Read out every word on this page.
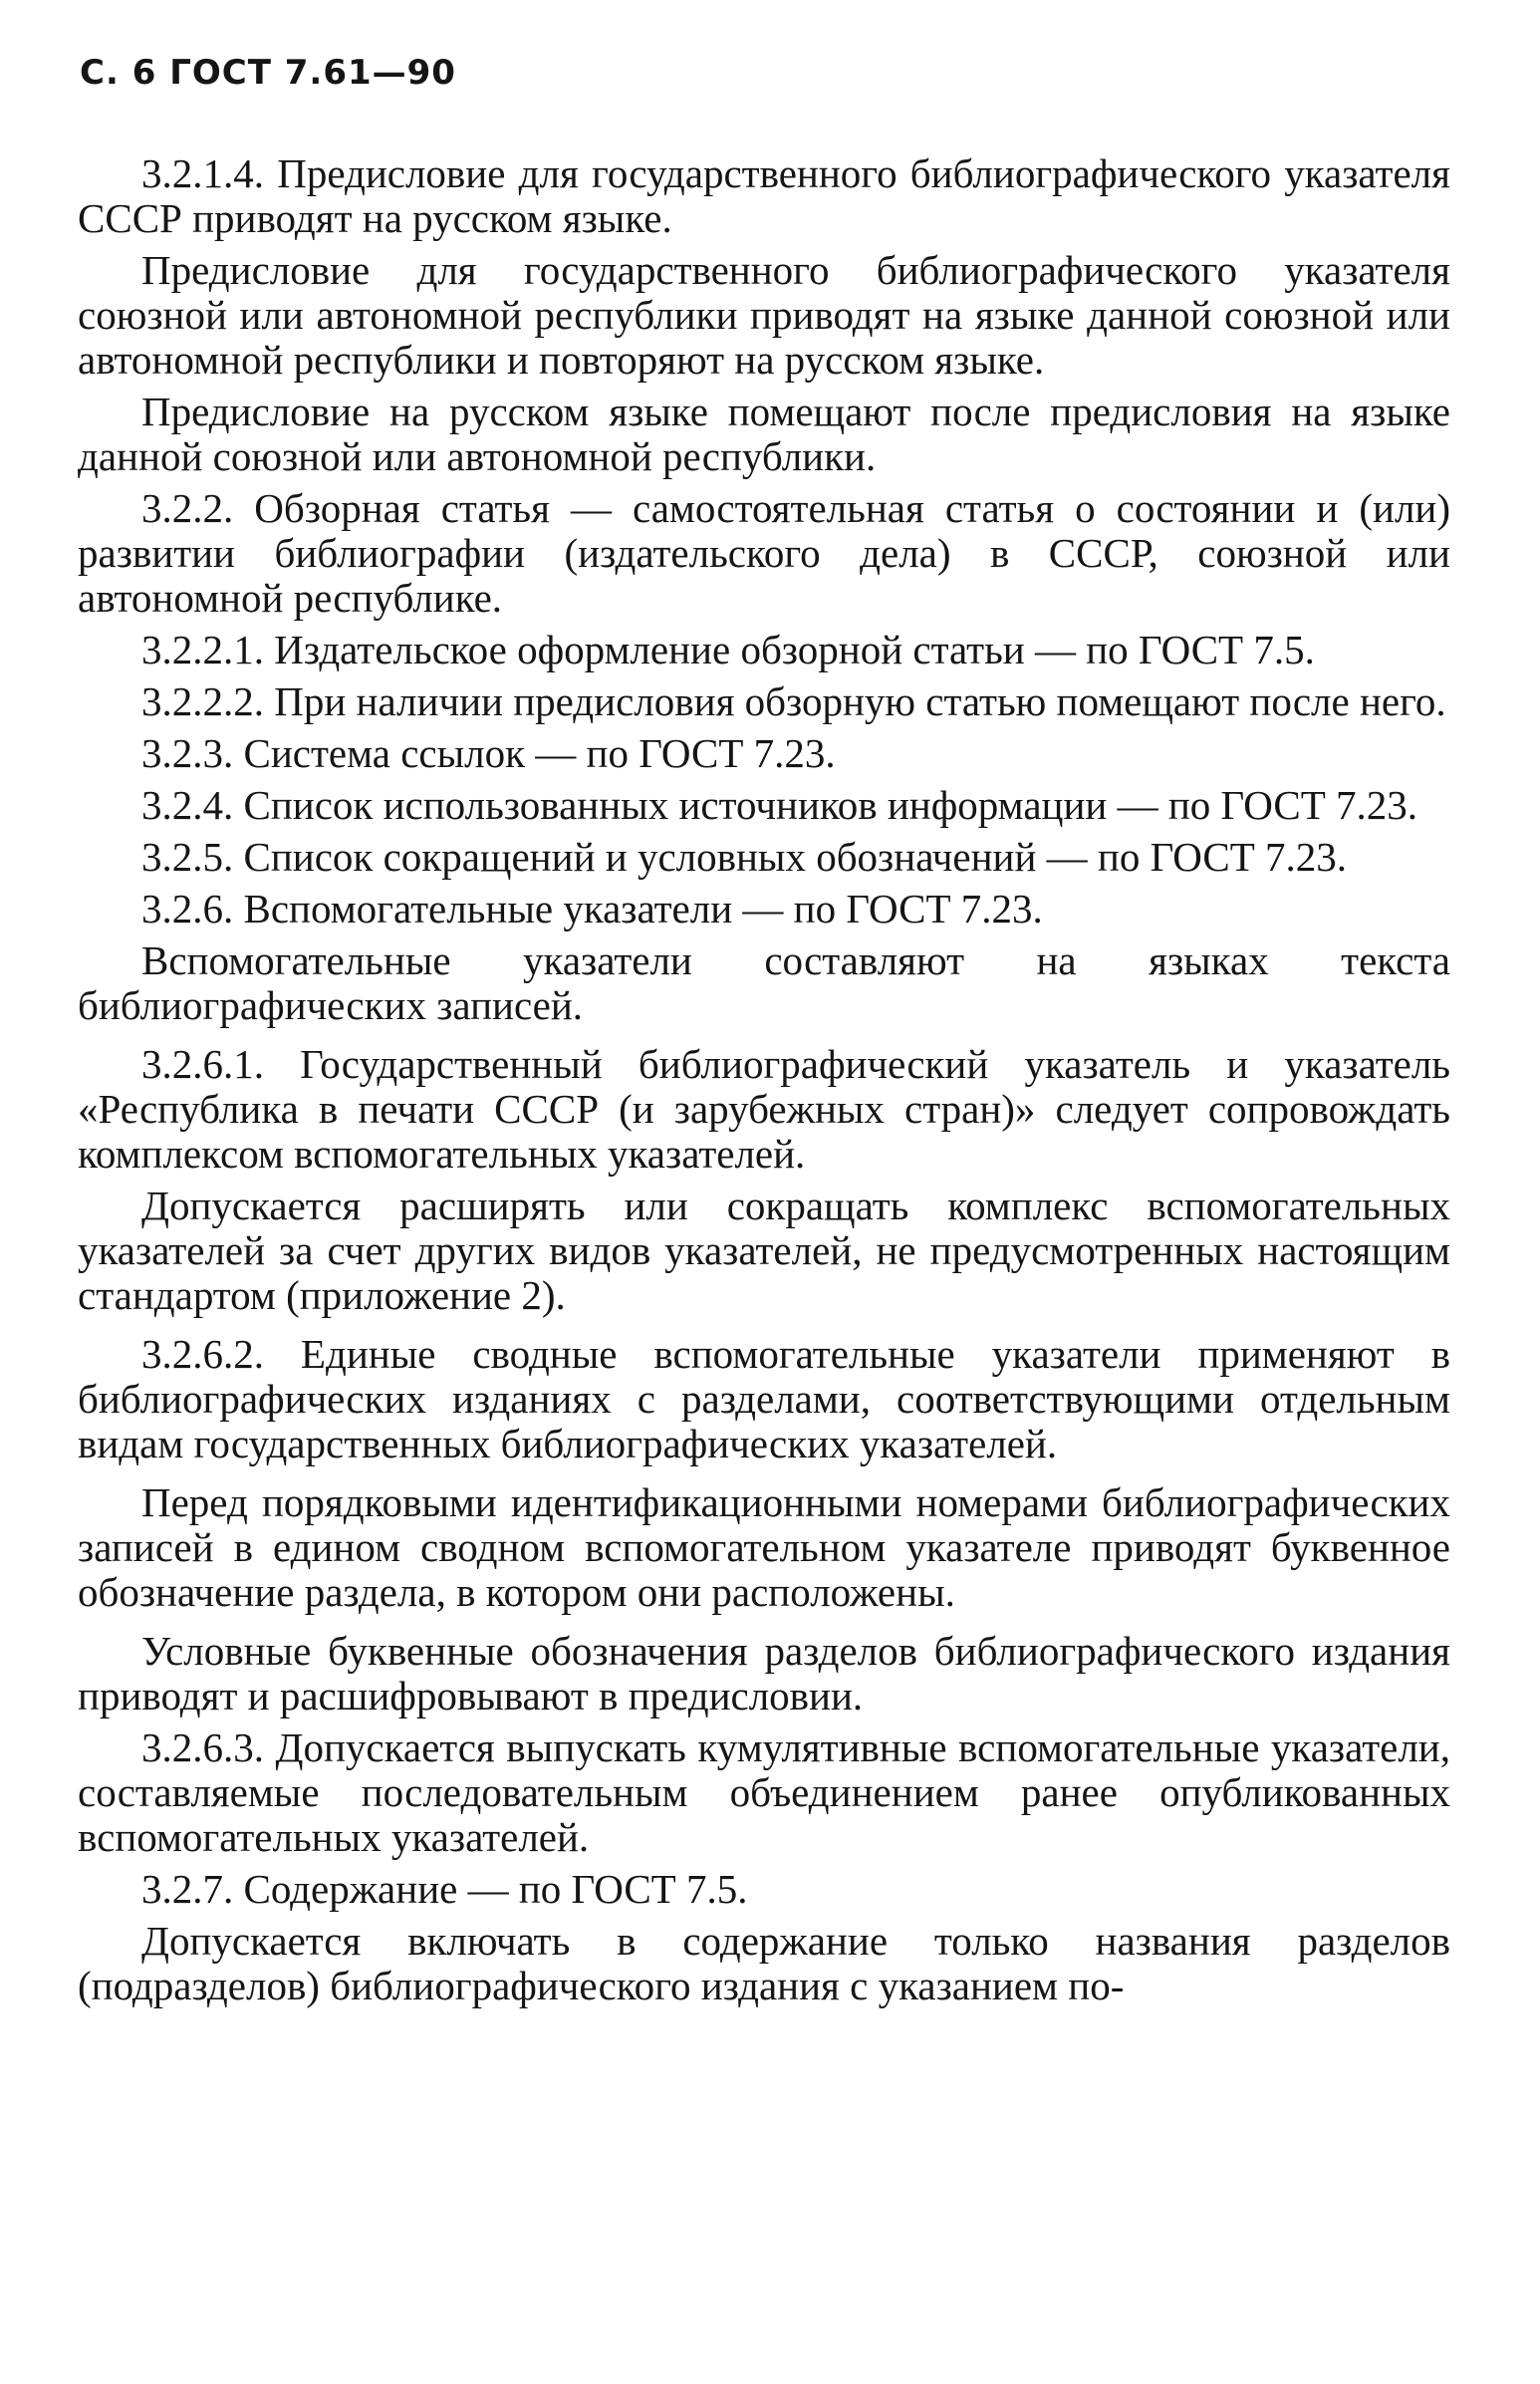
С. 6 ГОСТ 7.61—90

3.2.1.4. Предисловие для государственного библиографического указателя СССР приводят на русском языке.

Предисловие для государственного библиографического указателя союзной или автономной республики приводят на языке данной союзной или автономной республики и повторяют на русском языке.

Предисловие на русском языке помещают после предисловия на языке данной союзной или автономной республики.

3.2.2. Обзорная статья — самостоятельная статья о состоянии и (или) развитии библиографии (издательского дела) в СССР, союзной или автономной республике.

3.2.2.1. Издательское оформление обзорной статьи — по ГОСТ 7.5.

3.2.2.2. При наличии предисловия обзорную статью помещают после него.

3.2.3. Система ссылок — по ГОСТ 7.23.

3.2.4. Список использованных источников информации — по ГОСТ 7.23.

3.2.5. Список сокращений и условных обозначений — по ГОСТ 7.23.

3.2.6. Вспомогательные указатели — по ГОСТ 7.23.

Вспомогательные указатели составляют на языках текста библиографических записей.

3.2.6.1. Государственный библиографический указатель и указатель «Республика в печати СССР (и зарубежных стран)» следует сопровождать комплексом вспомогательных указателей.

Допускается расширять или сокращать комплекс вспомогательных указателей за счет других видов указателей, не предусмотренных настоящим стандартом (приложение 2).

3.2.6.2. Единые сводные вспомогательные указатели применяют в библиографических изданиях с разделами, соответствующими отдельным видам государственных библиографических указателей.

Перед порядковыми идентификационными номерами библиографических записей в едином сводном вспомогательном указателе приводят буквенное обозначение раздела, в котором они расположены.

Условные буквенные обозначения разделов библиографического издания приводят и расшифровывают в предисловии.

3.2.6.3. Допускается выпускать кумулятивные вспомогательные указатели, составляемые последовательным объединением ранее опубликованных вспомогательных указателей.

3.2.7. Содержание — по ГОСТ 7.5.

Допускается включать в содержание только названия разделов (подразделов) библиографического издания с указанием по-
